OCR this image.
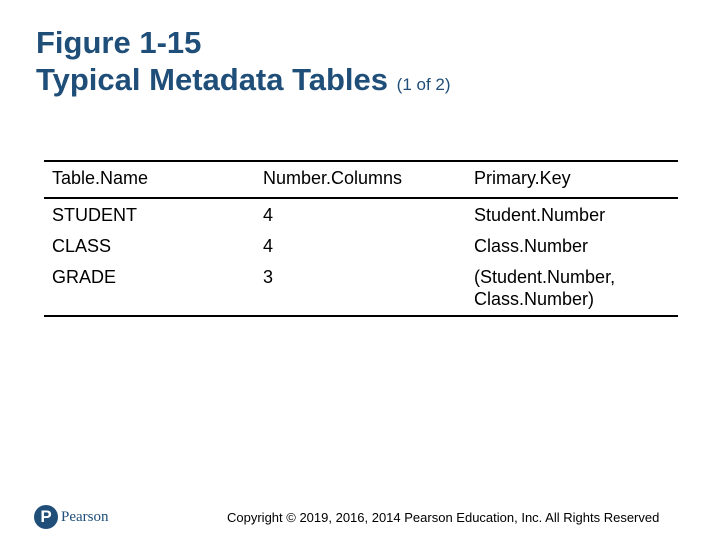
Figure 1-15
Typical Metadata Tables (1 of 2)
Table.Name	Number.Columns	Primary.Key
STUDENT	4	Student.Number
CLASS	4	Class.Number
GRADE	3	(Student.Number,
Class.Number)
P Pearson	Copyright © 2019, 2016, 2014 Pearson Education, Inc. All Rights Reserved
